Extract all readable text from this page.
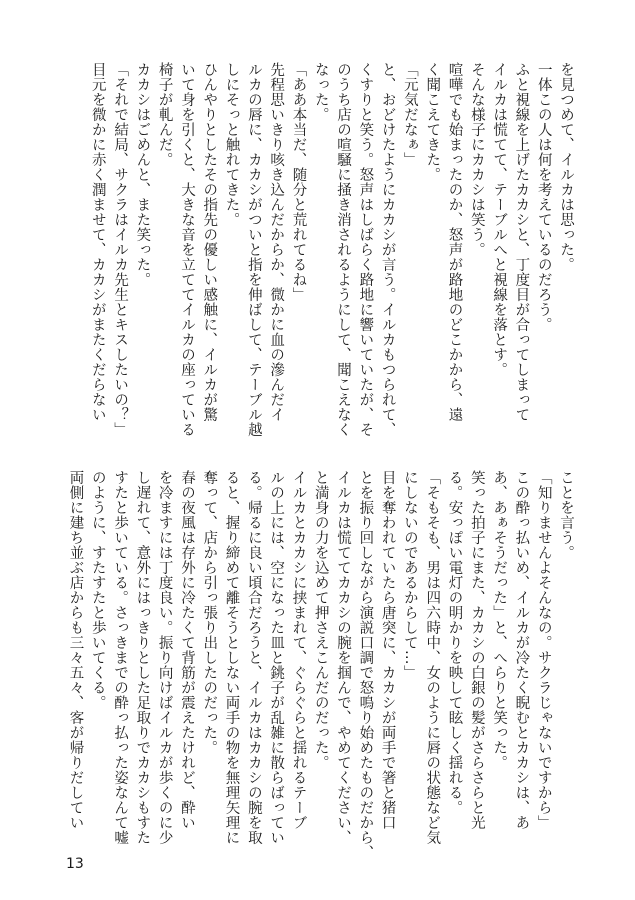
を見つめて、イルカは思った。

一体この人は何を考えているのだろう。

ふと視線を上げたカカシと、丁度目が合ってしまって

イルカは慌てて、テーブルへと視線を落とす。

そんな様子にカカシは笑う。

喧嘩でも始まったのか、怒声が路地のどこかから、遠

く聞こえてきた。

「元気だなぁ」

と、おどけたようにカカシが言う。イルカもつられて、

くすりと笑う。怒声はしばらく路地に響いていたが、そ

のうち店の喧騒に掻き消されるようにして、聞こえなく

なった。

「ああ本当だ、随分と荒れてるね」

先程思いきり咳き込んだからか、微かに血の滲んだイ

ルカの唇に、カカシがついと指を伸ばして、テーブル越

しにそっと触れてきた。

ひんやりとしたその指先の優しい感触に、イルカが驚

いて身を引くと、大きな音を立ててイルカの座っている

椅子が軋んだ。

カカシはごめんと、また笑った。

「それで結局、サクラはイルカ先生とキスしたいの？」

目元を微かに赤く潤ませて、カカシがまたくだらない

ことを言う。

「知りませんよそんなの。サクラじゃないですから」

この酔っ払いめ、イルカが冷たく睨むとカカシは、あ

あ、あぁそうだった」と、へらりと笑った。

笑った拍子にまた、カカシの白銀の髪がさらさらと光

る。安っぽい電灯の明かりを映して眩しく揺れる。

「そもそも、男は四六時中、女のように唇の状態など気

にしないのであるからして…」

目を奪われていたら唐突に、カカシが両手で箸と猪口

とを振り回しながら演説口調で怒鳴り始めたものだから、

イルカは慌ててカカシの腕を掴んで、やめてください、

と満身の力を込めて押さえこんだのだった。

イルカとカカシに挟まれて、ぐらぐらと揺れるテーブ

ルの上には、空になった皿と銚子が乱雑に散らばってい

る。帰るに良い頃合だろうと、イルカはカカシの腕を取

ると、握り締めて離そうとしない両手の物を無理矢理に

奪って、店から引っ張り出したのだった。

春の夜風は存外に冷たくて背筋が震えたけれど、酔い

を冷ますには丁度良い。振り向けばイルカが歩くのに少

し遅れて、意外にはっきりとした足取りでカカシもすた

すたと歩いている。さっきまでの酔っ払った姿なんて嘘

のように、すたすたと歩いてくる。

両側に建ち並ぶ店からも三々五々、客が帰りだしてい

13
